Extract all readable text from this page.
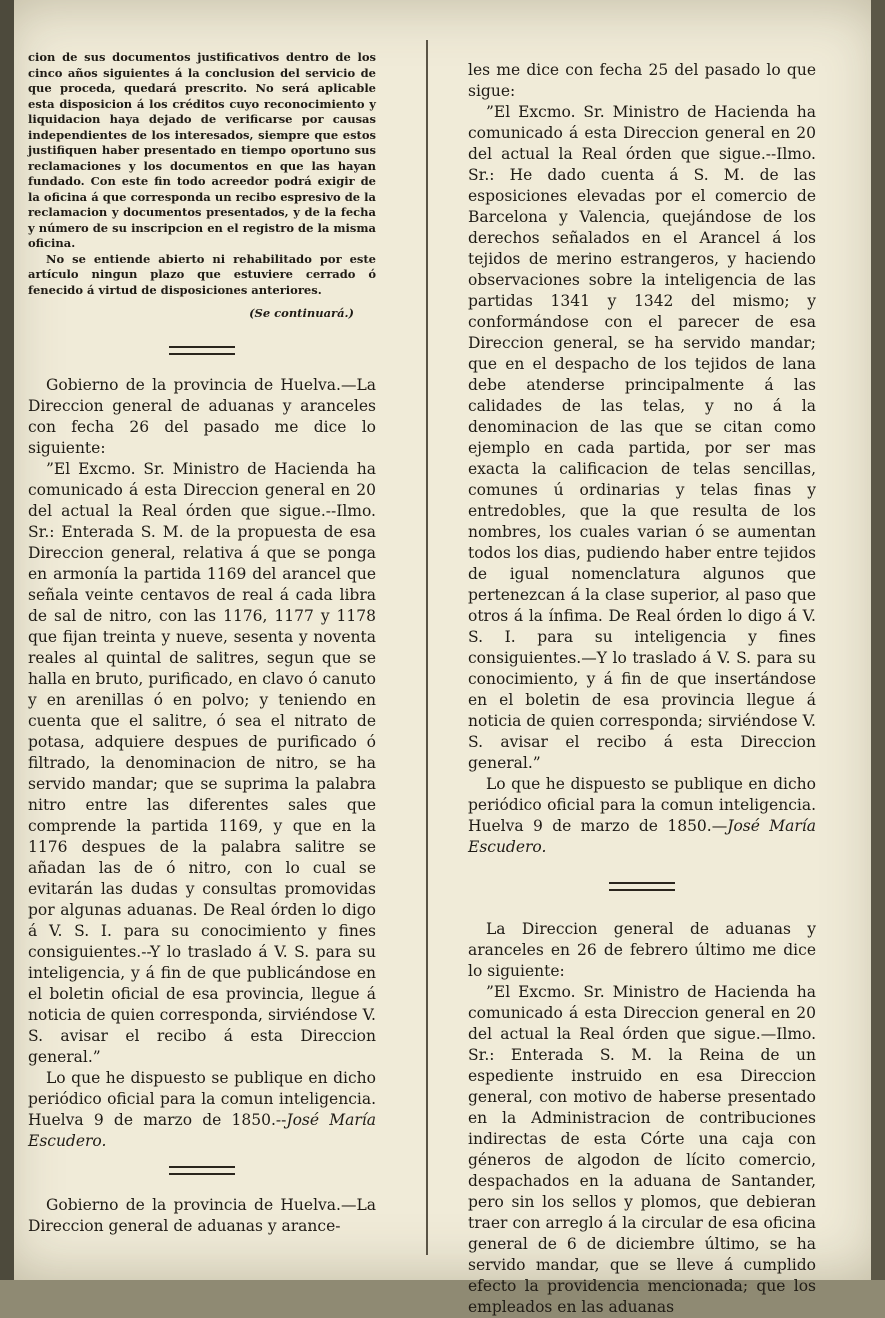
cion de sus documentos justificativos dentro de los cinco años siguientes á la conclusion del servicio de que proceda, quedará prescrito. No será aplicable esta disposicion á los créditos cuyo reconocimiento y liquidacion haya dejado de verificarse por causas independientes de los interesados, siempre que estos justifiquen haber presentado en tiempo oportuno sus reclamaciones y los documentos en que las hayan fundado. Con este fin todo acreedor podrá exigir de la oficina á que corresponda un recibo espresivo de la reclamacion y documentos presentados, y de la fecha y número de su inscripcion en el registro de la misma oficina.

No se entiende abierto ni rehabilitado por este artículo ningun plazo que estuviere cerrado ó fenecido á virtud de disposiciones anteriores.

(Se continuará.)

Gobierno de la provincia de Huelva.—La Direccion general de aduanas y aranceles con fecha 26 del pasado me dice lo siguiente:

”El Excmo. Sr. Ministro de Hacienda ha comunicado á esta Direccion general en 20 del actual la Real órden que sigue.--Ilmo. Sr.: Enterada S. M. de la propuesta de esa Direccion general, relativa á que se ponga en armonía la partida 1169 del arancel que señala veinte centavos de real á cada libra de sal de nitro, con las 1176, 1177 y 1178 que fijan treinta y nueve, sesenta y noventa reales al quintal de salitres, segun que se halla en bruto, purificado, en clavo ó canuto y en arenillas ó en polvo; y teniendo en cuenta que el salitre, ó sea el nitrato de potasa, adquiere despues de purificado ó filtrado, la denominacion de nitro, se ha servido mandar; que se suprima la palabra nitro entre las diferentes sales que comprende la partida 1169, y que en la 1176 despues de la palabra salitre se añadan las de ó nitro, con lo cual se evitarán las dudas y consultas promovidas por algunas aduanas. De Real órden lo digo á V. S. I. para su conocimiento y fines consiguientes.--Y lo traslado á V. S. para su inteligencia, y á fin de que publicándose en el boletin oficial de esa provincia, llegue á noticia de quien corresponda, sirviéndose V. S. avisar el recibo á esta Direccion general.”

Lo que he dispuesto se publique en dicho periódico oficial para la comun inteligencia. Huelva 9 de marzo de 1850.--José María Escudero.

Gobierno de la provincia de Huelva.—La Direccion general de aduanas y arance-

les me dice con fecha 25 del pasado lo que sigue:

”El Excmo. Sr. Ministro de Hacienda ha comunicado á esta Direccion general en 20 del actual la Real órden que sigue.--Ilmo. Sr.: He dado cuenta á S. M. de las esposiciones elevadas por el comercio de Barcelona y Valencia, quejándose de los derechos señalados en el Arancel á los tejidos de merino estrangeros, y haciendo observaciones sobre la inteligencia de las partidas 1341 y 1342 del mismo; y conformándose con el parecer de esa Direccion general, se ha servido mandar; que en el despacho de los tejidos de lana debe atenderse principalmente á las calidades de las telas, y no á la denominacion de las que se citan como ejemplo en cada partida, por ser mas exacta la calificacion de telas sencillas, comunes ú ordinarias y telas finas y entredobles, que la que resulta de los nombres, los cuales varian ó se aumentan todos los dias, pudiendo haber entre tejidos de igual nomenclatura algunos que pertenezcan á la clase superior, al paso que otros á la ínfima. De Real órden lo digo á V. S. I. para su inteligencia y fines consiguientes.—Y lo traslado á V. S. para su conocimiento, y á fin de que insertándose en el boletin de esa provincia llegue á noticia de quien corresponda; sirviéndose V. S. avisar el recibo á esta Direccion general.”

Lo que he dispuesto se publique en dicho periódico oficial para la comun inteligencia. Huelva 9 de marzo de 1850.—José María Escudero.

La Direccion general de aduanas y aranceles en 26 de febrero último me dice lo siguiente:

”El Excmo. Sr. Ministro de Hacienda ha comunicado á esta Direccion general en 20 del actual la Real órden que sigue.—Ilmo. Sr.: Enterada S. M. la Reina de un espediente instruido en esa Direccion general, con motivo de haberse presentado en la Administracion de contribuciones indirectas de esta Córte una caja con géneros de algodon de lícito comercio, despachados en la aduana de Santander, pero sin los sellos y plomos, que debieran traer con arreglo á la circular de esa oficina general de 6 de diciembre último, se ha servido mandar, que se lleve á cumplido efecto la providencia mencionada; que los empleados en las aduanas
